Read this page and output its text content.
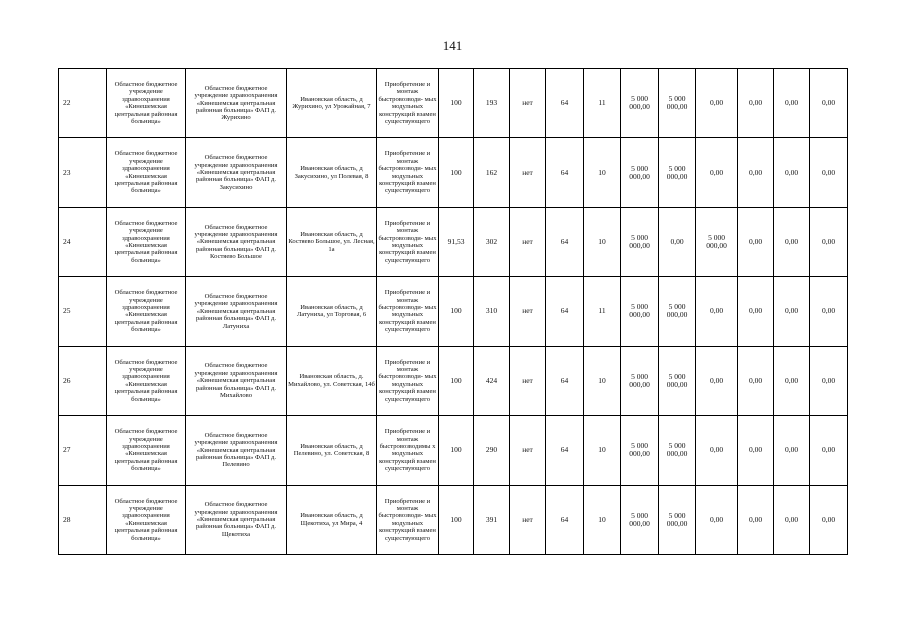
141
22	Областное бюджетное учреждение здравоохранения «Кинешемская центральная районная больница»	Областное бюджетное учреждение здравоохранения «Кинешемская центральная районная больница» ФАП д. Журихино	Ивановская область, д Журихино, ул Урожайная, 7	Приобретение и монтаж быстровозводи- мых модульных конструкций взамен существующего	100	193	нет	64	11	5 000 000,00	5 000 000,00	0,00	0,00	0,00	0,00
23	Областное бюджетное учреждение здравоохранения «Кинешемская центральная районная больница»	Областное бюджетное учреждение здравоохранения «Кинешемская центральная районная больница» ФАП д. Закусихино	Ивановская область, д Закусихино, ул Полевая, 8	Приобретение и монтаж быстровозводи- мых модульных конструкций взамен существующего	100	162	нет	64	10	5 000 000,00	5 000 000,00	0,00	0,00	0,00	0,00
24	Областное бюджетное учреждение здравоохранения «Кинешемская центральная районная больница»	Областное бюджетное учреждение здравоохранения «Кинешемская центральная районная больница» ФАП д. Костяево Большое	Ивановская область, д Костяево Большое, ул. Лесная, 1а	Приобретение и монтаж быстровозводи- мых модульных конструкций взамен существующего	91,53	302	нет	64	10	5 000 000,00	0,00	5 000 000,00	0,00	0,00	0,00
25	Областное бюджетное учреждение здравоохранения «Кинешемская центральная районная больница»	Областное бюджетное учреждение здравоохранения «Кинешемская центральная районная больница» ФАП д. Латуниха	Ивановская область, д Латуниха, ул Торговая, 6	Приобретение и монтаж быстровозводи- мых модульных конструкций взамен существующего	100	310	нет	64	11	5 000 000,00	5 000 000,00	0,00	0,00	0,00	0,00
26	Областное бюджетное учреждение здравоохранения «Кинешемская центральная районная больница»	Областное бюджетное учреждение здравоохранения «Кинешемская центральная районная больница» ФАП д. Михайлово	Ивановская область, д. Михайлово, ул. Советская, 14б	Приобретение и монтаж быстровозводи- мых модульных конструкций взамен существующего	100	424	нет	64	10	5 000 000,00	5 000 000,00	0,00	0,00	0,00	0,00
27	Областное бюджетное учреждение здравоохранения «Кинешемская центральная районная больница»	Областное бюджетное учреждение здравоохранения «Кинешемская центральная районная больница» ФАП д. Пелевино	Ивановская область, д Пелевино, ул. Советская, 8	Приобретение и монтаж быстровозводимы х модульных конструкций взамен существующего	100	290	нет	64	10	5 000 000,00	5 000 000,00	0,00	0,00	0,00	0,00
28	Областное бюджетное учреждение здравоохранения «Кинешемская центральная районная больница»	Областное бюджетное учреждение здравоохранения «Кинешемская центральная районная больница» ФАП д. Щекотиха	Ивановская область, д Щекотиха, ул Мира, 4	Приобретение и монтаж быстровозводи- мых модульных конструкций взамен существующего	100	391	нет	64	10	5 000 000,00	5 000 000,00	0,00	0,00	0,00	0,00
